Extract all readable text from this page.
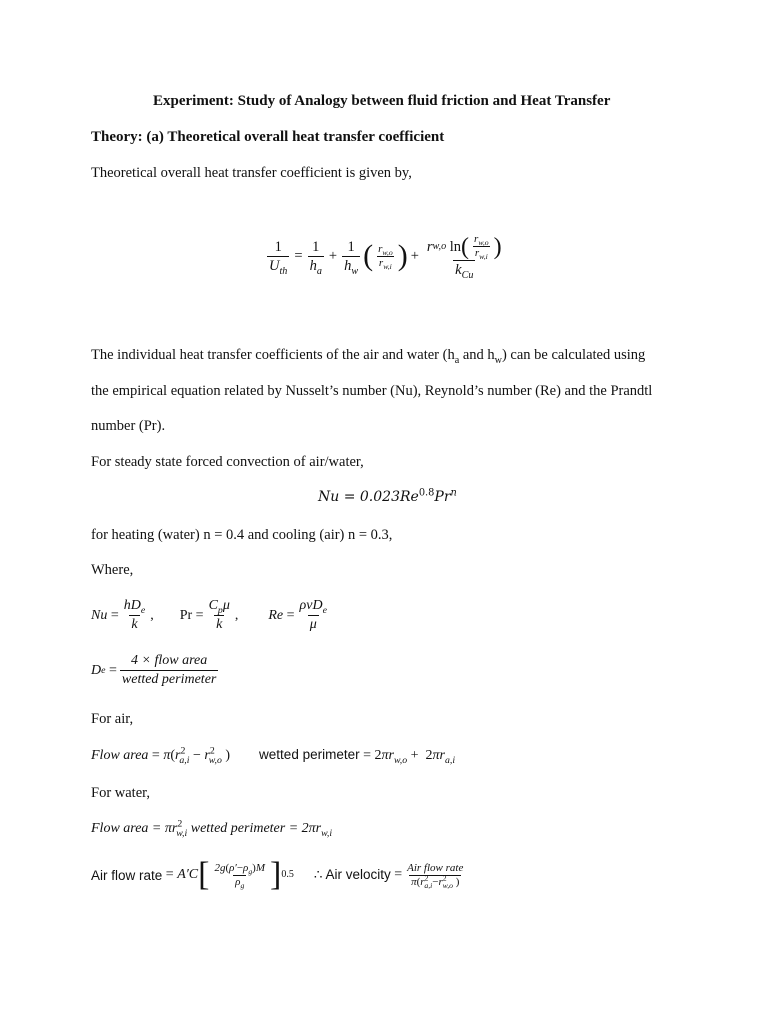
Experiment: Study of Analogy between fluid friction and Heat Transfer
Theory: (a) Theoretical overall heat transfer coefficient
Theoretical overall heat transfer coefficient is given by,
$\frac{1}{U_{th}} = \frac{1}{h_a} + \frac{1}{h_w}$ ( $\frac{r_{w,o}}{r_{w,i}}$ ) +
r w,o ln ( $\frac{r_{w,o}}{r_{w,i}}$ )
$k_{Cu}$
The individual heat transfer coefficients of the air and water ($h_a$ and $h_w$) can be calculated using
the empirical equation related by Nusselt’s number (Nu), Reynold’s number (Re) and the Prandtl
number (Pr).
For steady state forced convection of air/water,
$Nu = 0.023Re^{0.8}Pr^n$
for heating (water) n = 0.4 and cooling (air) n = 0.3,
Where,
$Nu = \frac{hD_e}{k}$ , $Pr = \frac{C_p\mu}{k}$ , $Re = \frac{\rho vD_e}{\mu}$
D $e = \frac{\text{4 × flow area}}{\text{wetted perimeter}}$
For air,
Flow area = $\pi(r^2_{a,i} - r^2_{w,o}$ )  wetted perimeter = $2\pi r_{w,o} + 2\pi r_{a,i}$
For water,
Flow area = $\pi r^2_{w,i}$ wetted perimeter = $2\pi r_{w,i}$
Air flow rate = A′C [ $\frac{2g(\rho'-\rho_g)M}{\rho_g}$ ] 0.5 ∴ Air velocity = $\frac{\text{Air flow rate}}{\pi(r^2_{a,i}-r^2_{w,o} )}$
